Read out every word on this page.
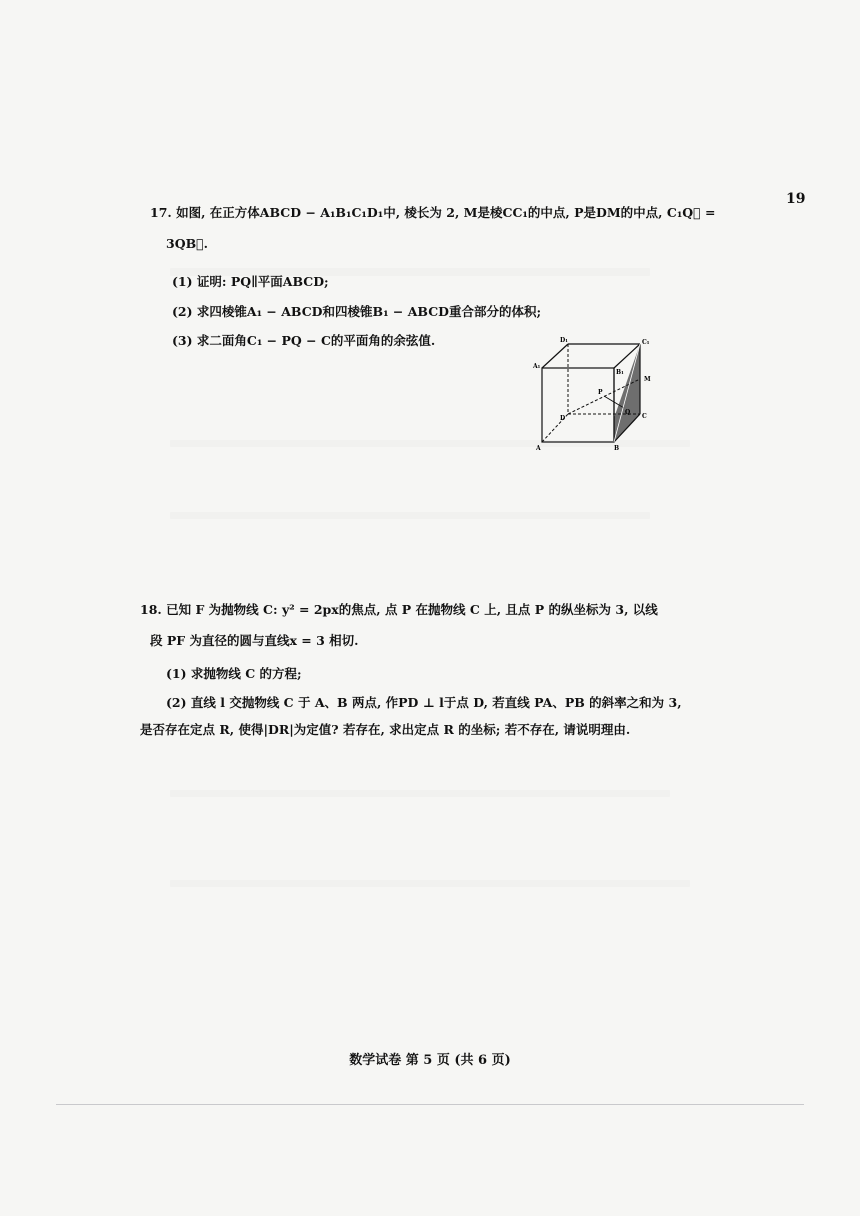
19
17. 如图, 在正方体ABCD − A₁B₁C₁D₁中, 棱长为 2, M是棱CC₁的中点, P是DM的中点, C₁Q⃗ =
3QB⃗.
(1) 证明: PQ∥平面ABCD;
(2) 求四棱锥A₁ − ABCD和四棱锥B₁ − ABCD重合部分的体积;
(3) 求二面角C₁ − PQ − C的平面角的余弦值.	D₁	C₁
A₁
B₁
M
P
Q
D	C
A	B
18. 已知 F 为抛物线 C: y² = 2px的焦点, 点 P 在抛物线 C 上, 且点 P 的纵坐标为 3, 以线
段 PF 为直径的圆与直线x = 3 相切.
(1) 求抛物线 C 的方程;
(2) 直线 l 交抛物线 C 于 A、B 两点, 作PD ⊥ l于点 D, 若直线 PA、PB 的斜率之和为 3,
是否存在定点 R, 使得|DR|为定值? 若存在, 求出定点 R 的坐标; 若不存在, 请说明理由.
数学试卷 第 5 页 (共 6 页)
